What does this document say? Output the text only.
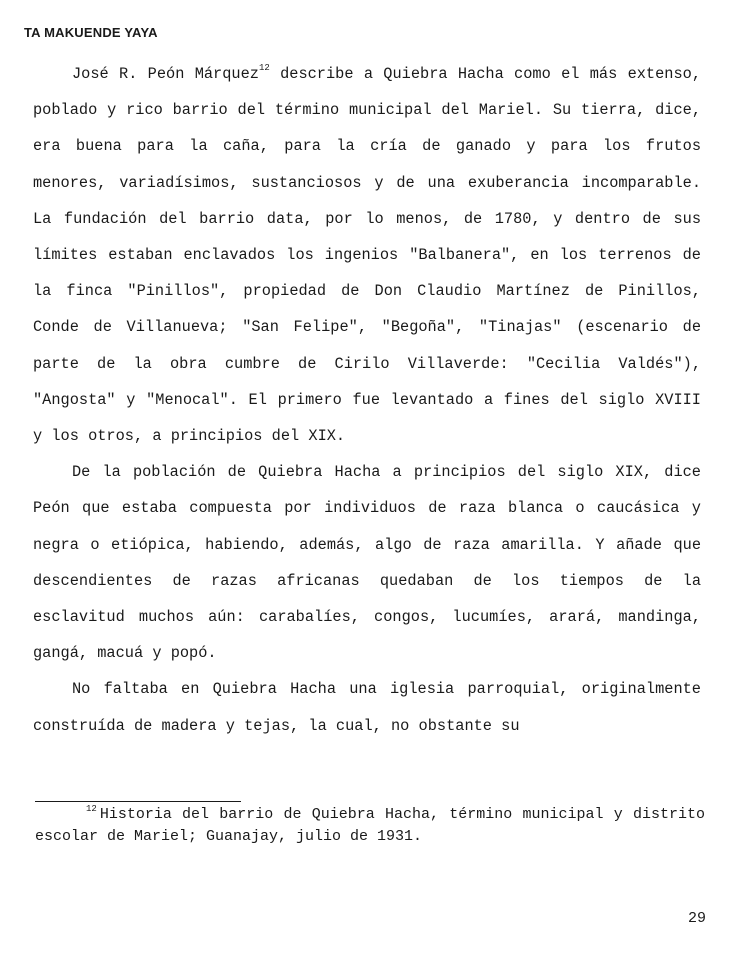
TA MAKUENDE YAYA

José R. Peón Márquez$^{12}$ describe a Quiebra Hacha como el más extenso, poblado y rico barrio del término municipal del Mariel. Su tierra, dice, era buena para la caña, para la cría de ganado y para los frutos menores, variadísimos, sustanciosos y de una exuberancia incomparable. La fundación del barrio data, por lo menos, de 1780, y dentro de sus límites estaban enclavados los ingenios "Balbanera", en los terrenos de la finca "Pinillos", propiedad de Don Claudio Martínez de Pinillos, Conde de Villanueva; "San Felipe", "Begoña", "Tinajas" (escenario de parte de la obra cumbre de Cirilo Villaverde: "Cecilia Valdés"), "Angosta" y "Menocal". El primero fue levantado a fines del siglo XVIII y los otros, a principios del XIX.

De la población de Quiebra Hacha a principios del siglo XIX, dice Peón que estaba compuesta por individuos de raza blanca o caucásica y negra o etiópica, habiendo, además, algo de raza amarilla. Y añade que descendientes de razas africanas quedaban de los tiempos de la esclavitud muchos aún: carabalíes, congos, lucumíes, arará, mandinga, gangá, macuá y popó.

No faltaba en Quiebra Hacha una iglesia parroquial, originalmente construída de madera y tejas, la cual, no obstante su

$^{12}$ Historia del barrio de Quiebra Hacha, término municipal y distrito escolar de Mariel; Guanajay, julio de 1931.
29
